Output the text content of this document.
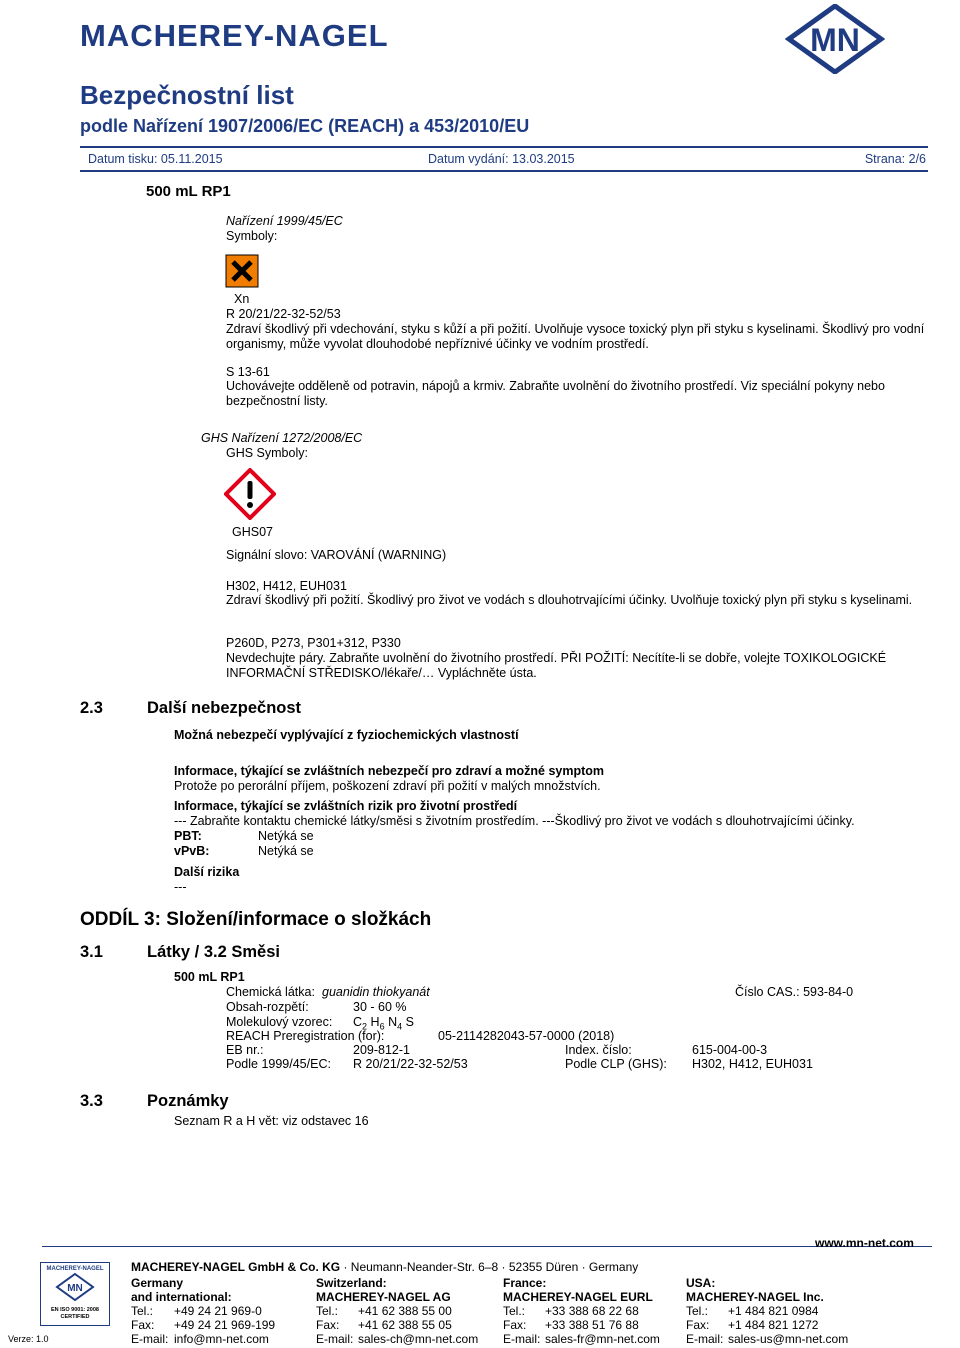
MACHEREY-NAGEL	MN
Bezpečnostní list
podle Nařízení 1907/2006/EC (REACH) a 453/2010/EU
Datum tisku: 05.11.2015	Datum vydání: 13.03.2015	Strana: 2/6
500 mL RP1
Nařízení 1999/45/EC
Symboly:
Xn
R 20/21/22-32-52/53
Zdraví škodlivý při vdechování, styku s kůží a při požití. Uvolňuje vysoce toxický plyn při styku s kyselinami. Škodlivý pro vodní organismy, může vyvolat dlouhodobé nepříznivé účinky ve vodním prostředí.
S 13-61
Uchovávejte odděleně od potravin, nápojů a krmiv. Zabraňte uvolnění do životního prostředí. Viz speciální pokyny nebo bezpečnostní listy.
GHS Nařízení 1272/2008/EC
GHS Symboly:
GHS07
Signální slovo: VAROVÁNÍ (WARNING)
H302, H412, EUH031
Zdraví škodlivý při požití. Škodlivý pro život ve vodách s dlouhotrvajícími účinky. Uvolňuje toxický plyn při styku s kyselinami.
P260D, P273, P301+312, P330
Nevdechujte páry. Zabraňte uvolnění do životního prostředí. PŘI POŽITÍ: Necítíte-li se dobře, volejte TOXIKOLOGICKÉ INFORMAČNÍ STŘEDISKO/lékaře/… Vypláchněte ústa.
2.3	Další nebezpečnost
Možná nebezpečí vyplývající z fyziochemických vlastností
Informace, týkající se zvláštních nebezpečí pro zdraví a možné symptom
Protože po perorální příjem, poškození zdraví při požití v malých množstvích.
Informace, týkající se zvláštních rizik pro životní prostředí
--- Zabraňte kontaktu chemické látky/směsi s životním prostředím. ---Škodlivý pro život ve vodách s dlouhotrvajícími účinky.
PBT:	Netýká se
vPvB:	Netýká se
Další rizika
---
ODDÍL 3: Složení/informace o složkách
3.1	Látky / 3.2 Směsi
500 mL RP1
Chemická látka: guanidin thiokyanát	Číslo CAS.: 593-84-0
Obsah-rozpětí:	30 - 60 %
Molekulový vzorec: $C_2$ $H_6$ $N_4$ S
REACH Preregistration (for):	05-2114282043-57-0000 (2018)
EB nr.:	209-812-1	Index. číslo:	615-004-00-3
Podle 1999/45/EC: R 20/21/22-32-52/53	Podle CLP (GHS): H302, H412, EUH031
3.3	Poznámky
Seznam R a H vět: viz odstavec 16
MACHEREY-NAGEL
MN
EN ISO 9001: 2008 CERTIFIED
Verze: 1.0
MACHEREY-NAGEL GmbH & Co. KG · Neumann-Neander-Str. 6–8 · 52355 Düren · Germany
www.mn-net.com
Germany
and international:
Tel.: +49 24 21 969-0
Fax: +49 24 21 969-199
E-mail: info@mn-net.com
Switzerland:
MACHEREY-NAGEL AG
Tel.: +41 62 388 55 00
Fax: +41 62 388 55 05
E-mail: sales-ch@mn-net.com
France:
MACHEREY-NAGEL EURL
Tel.: +33 388 68 22 68
Fax: +33 388 51 76 88
E-mail: sales-fr@mn-net.com
USA:
MACHEREY-NAGEL Inc.
Tel.: +1 484 821 0984
Fax: +1 484 821 1272
E-mail: sales-us@mn-net.com
